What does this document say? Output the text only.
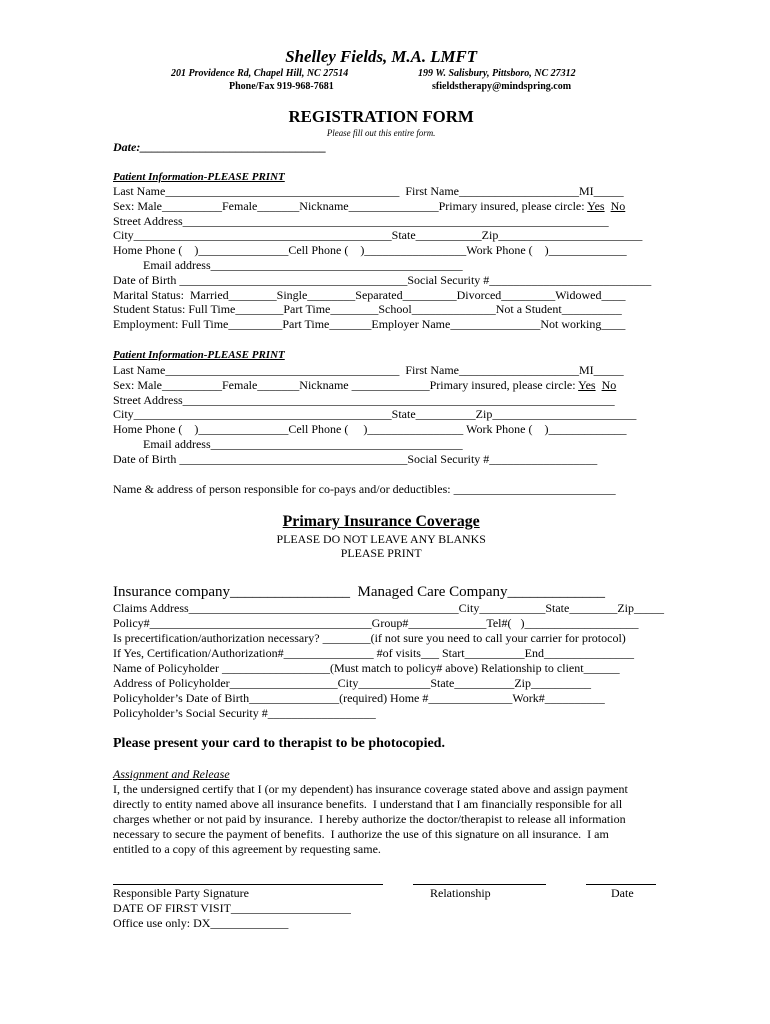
Shelley Fields, M.A. LMFT
201 Providence Rd, Chapel Hill, NC 27514
Phone/Fax 919-968-7681
199 W. Salisbury, Pittsboro, NC 27312
sfieldstherapy@mindspring.com
REGISTRATION FORM
Please fill out this entire form.
Date:_______________________________
Patient Information-PLEASE PRINT
Last Name_______________________________________  First Name____________________MI_____
Sex: Male__________Female_______Nickname_______________Primary insured, please circle: Yes No
Street Address_______________________________________________________________________
City___________________________________________State___________Zip________________________
Home Phone (    )_______________Cell Phone (    )_________________Work Phone (    )_____________
Email address__________________________________________
Date of Birth ______________________________________Social Security #___________________________
Marital Status:  Married________Single________Separated_________Divorced_________Widowed____
Student Status: Full Time________Part Time________School______________Not a Student__________
Employment: Full Time_________Part Time_______Employer Name_______________Not working____
Patient Information-PLEASE PRINT
Last Name_______________________________________  First Name____________________MI_____
Sex: Male__________Female_______Nickname _____________Primary insured, please circle: Yes No
Street Address________________________________________________________________________
City___________________________________________State__________Zip________________________
Home Phone (    )_______________Cell Phone (     )________________ Work Phone (    )_____________
Email address__________________________________________
Date of Birth ______________________________________Social Security #__________________
Name & address of person responsible for co-pays and/or deductibles: ___________________________
Primary Insurance Coverage
PLEASE DO NOT LEAVE ANY BLANKS
PLEASE PRINT
Insurance company________________  Managed Care Company_____________
Claims Address_____________________________________________City___________State________Zip_____
Policy#_____________________________________Group#_____________Tel#(   )___________________
Is precertification/authorization necessary? ________(if not sure you need to call your carrier for protocol)
If Yes, Certification/Authorization#_______________ #of visits___ Start__________End_______________
Name of Policyholder __________________(Must match to policy# above) Relationship to client______
Address of Policyholder__________________City____________State__________Zip__________
Policyholder’s Date of Birth_______________(required) Home #______________Work#__________
Policyholder’s Social Security #__________________
Please present your card to therapist to be photocopied.
Assignment and Release
I, the undersigned certify that I (or my dependent) has insurance coverage stated above and assign payment
directly to entity named above all insurance benefits.  I understand that I am financially responsible for all
charges whether or not paid by insurance.  I hereby authorize the doctor/therapist to release all information
necessary to secure the payment of benefits.  I authorize the use of this signature on all insurance.  I am
entitled to a copy of this agreement by requesting same.
Responsible Party Signature	Relationship	Date
DATE OF FIRST VISIT____________________
Office use only: DX_____________
